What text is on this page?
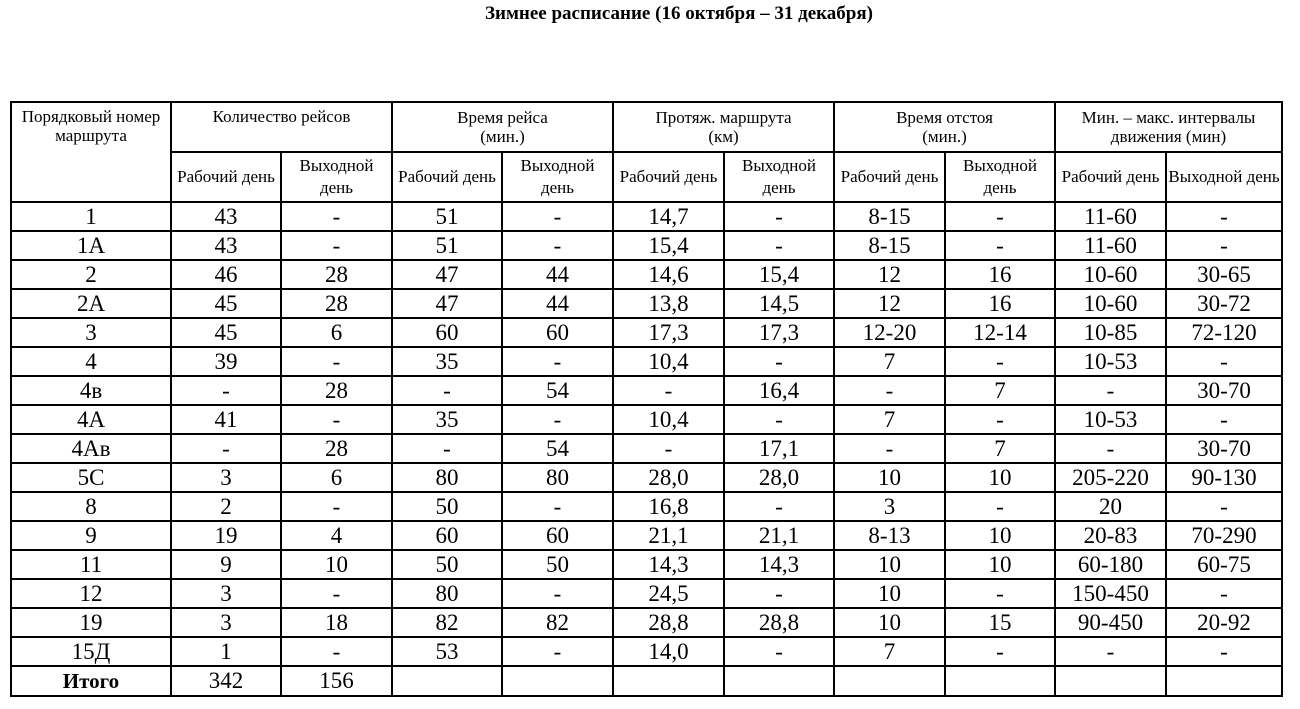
Зимнее расписание (16 октября – 31 декабря)
Порядковый номер маршрута	Количество рейсов		Время рейса (мин.)		Протяж. маршрута (км)		Время отстоя (мин.)		Мин. – макс. интервалы движения (мин)	

	Рабочий день	Выходной день	Рабочий день	Выходной день	Рабочий день	Выходной день	Рабочий день	Выходной день	Рабочий день	Выходной день
1	43	-	51	-	14,7	-	8-15	-	11-60	-
1А	43	-	51	-	15,4	-	8-15	-	11-60	-
2	46	28	47	44	14,6	15,4	12	16	10-60	30-65
2А	45	28	47	44	13,8	14,5	12	16	10-60	30-72
3	45	6	60	60	17,3	17,3	12-20	12-14	10-85	72-120
4	39	-	35	-	10,4	-	7	-	10-53	-
4в	-	28	-	54	-	16,4	-	7	-	30-70
4А	41	-	35	-	10,4	-	7	-	10-53	-
4Ав	-	28	-	54	-	17,1	-	7	-	30-70
5С	3	6	80	80	28,0	28,0	10	10	205-220	90-130
8	2	-	50	-	16,8	-	3	-	20	-
9	19	4	60	60	21,1	21,1	8-13	10	20-83	70-290
11	9	10	50	50	14,3	14,3	10	10	60-180	60-75
12	3	-	80	-	24,5	-	10	-	150-450	-
19	3	18	82	82	28,8	28,8	10	15	90-450	20-92
15Д	1	-	53	-	14,0	-	7	-	-	-
Итого	342	156								
